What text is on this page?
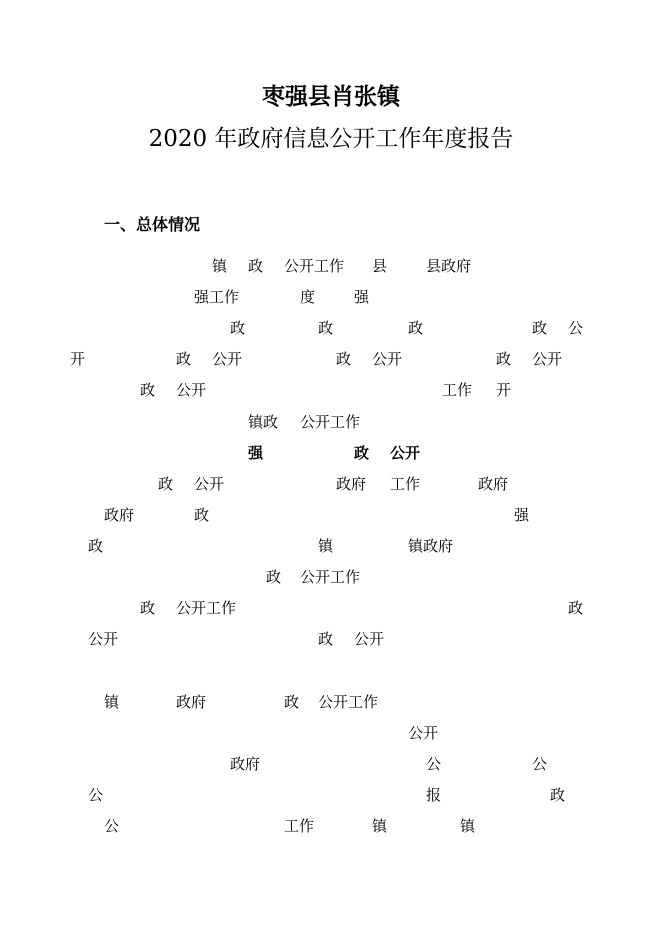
枣强县肖张镇
2020 年政府信息公开工作年度报告
一、总体情况
镇 政 公开工作 县	县政府
强工作	度	强
政	政	政	政 公
开	政 公开	政 公开	政 公开
政 公开	工作 开
镇政 公开工作
强	政 公开
政 公开	政府 工作	政府
政府	政	强
政	镇	镇政府
政 公开工作
政 公开工作	政
公开	政 公开
镇	政府	政 公开工作
公开
政府	公	公
公	报	政
公	工作	镇	镇
